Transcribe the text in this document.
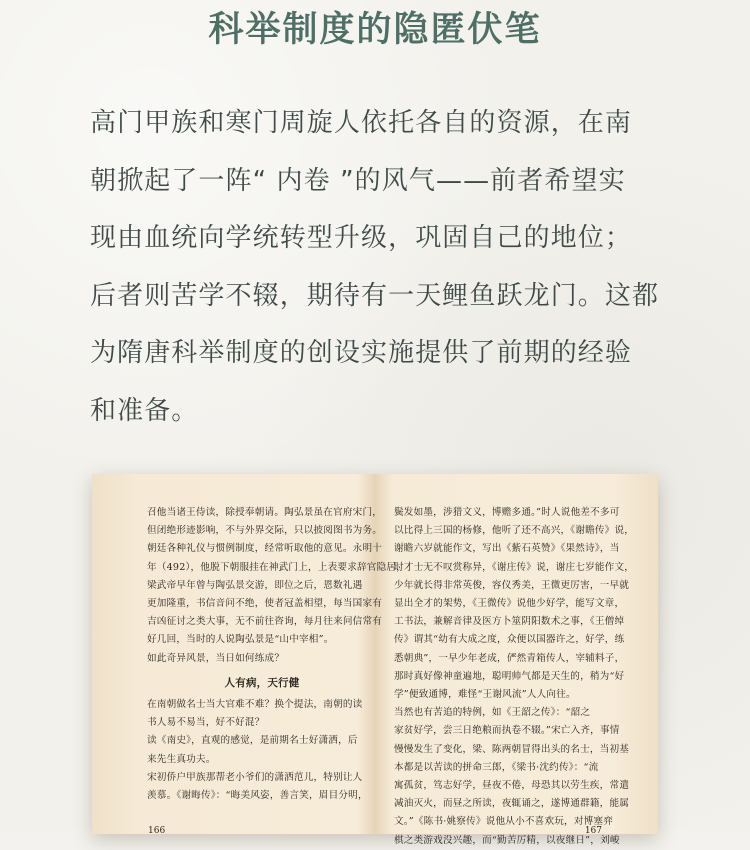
科举制度的隐匿伏笔
高门甲族和寒门周旋人依托各自的资源，在南
朝掀起了一阵“ 内卷 ”的风气——前者希望实
现由血统向学统转型升级，巩固自己的地位；
后者则苦学不辍，期待有一天鲤鱼跃龙门。这都
为隋唐科举制度的创设实施提供了前期的经验
和准备。
召他当诸王侍读，除授奉朝请。陶弘景虽在官府宋门，
但闭绝形迹影响，不与外界交际，只以披阅图书为务。
朝廷各种礼仪与惯例制度，经常听取他的意见。永明十
年（492），他脱下朝服挂在神武门上，上表要求辞官隐居，
梁武帝早年曾与陶弘景交游，即位之后，恩数礼遇
更加隆重，书信音问不绝，使者冠盖相望，每当国家有
吉凶征讨之类大事，无不前往咨询，每月往来问信常有
好几回，当时的人说陶弘景是“山中宰相”。
如此奇异风景，当日如何练成？
人有病，天行健
在南朝做名士当大官难不难？换个提法，南朝的读
书人易不易当，好不好混？
读《南史》，直观的感觉，是前期名士好潇洒，后
来先生真功夫。
宋初侨户甲族那帮老小爷们的潇洒范儿，特别让人
羡慕。《谢晦传》：“晦美风姿，善言笑，眉目分明，
鬓发如墨，涉猎文义，博赡多通。”时人说他差不多可
以比得上三国的杨修，他听了还不高兴，《谢瞻传》说，
谢瞻六岁就能作文，写出《紫石英赞》《果然诗》，当
时才士无不叹赏称异，《谢庄传》说，谢庄七岁能作文，
少年就长得非常英俊，容仪秀美，王微更厉害，一早就
显出全才的架势，《王微传》说他少好学，能写文章，
工书法，兼解音律及医方卜筮阴阳数术之事，《王僧绰
传》谓其“幼有大成之度，众便以国器许之，好学，练
悉朝典”，一早少年老成，俨然青箱传人，宰辅料子，
那时真好像神童遍地，聪明帅气都是天生的，稍为“好
学”便致通博，难怪“王谢风流”人人向往。
当然也有苦追的特例，如《王韶之传》：“韶之
家贫好学，尝三日绝粮而执卷不辍。”宋亡入齐，事情
慢慢发生了变化，梁、陈两朝冒得出头的名士，当初基
本都是以苦读的拼命三郎，《梁书·沈约传》：“流
寓孤贫，笃志好学，昼夜不倦，母恐其以劳生疾，常遣
减油灭火，而昼之所读，夜辄诵之，遂博通群籍，能属
文。”《陈书·姚察传》说他从小不喜欢玩，对博塞弈
棋之类游戏没兴趣，而“勤苦厉精，以夜继日”，刘峻
166	167
